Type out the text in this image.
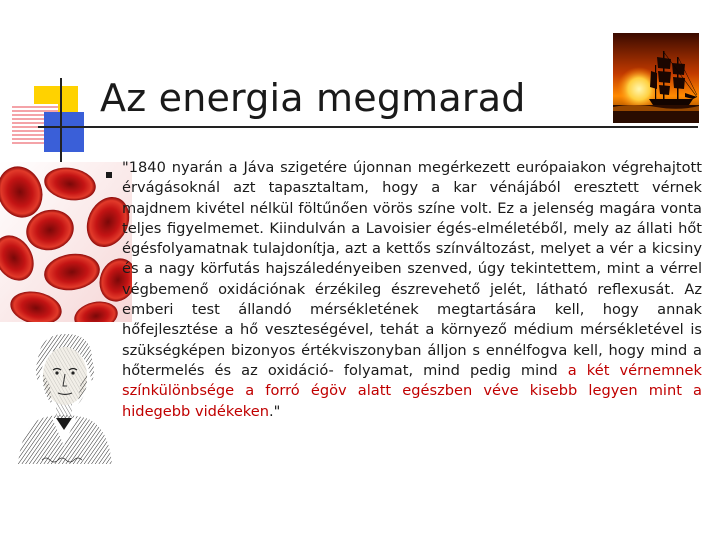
Az energia megmarad
"1840 nyarán a Jáva szigetére újonnan megérkezett európaiakon végrehajtott érvágásoknál azt tapasztaltam, hogy a kar vénájából eresztett vérnek majdnem kivétel nélkül föltűnően vörös színe volt. Ez a jelenség magára vonta teljes figyelmemet. Kiindulván a Lavoisier égés-elméletéből, mely az állati hőt égésfolyamatnak tulajdonítja, azt a kettős színváltozást, melyet a vér a kicsiny és a nagy körfutás hajszáledényeiben szenved, úgy tekintettem, mint a vérrel végbemenő oxidációnak érzékileg észrevehető jelét, látható reflexusát. Az emberi test állandó mérsékletének megtartására kell, hogy annak hőfejlesztése a hő veszteségével, tehát a környező médium mérsékletével is szükségképen bizonyos értékviszonyban álljon s ennélfogva kell, hogy mind a hőtermelés és az oxidáció- folyamat, mind pedig mind a két vérnemnek színkülönbsége a forró égöv alatt egészben véve kisebb legyen mint a hidegebb vidékeken."
